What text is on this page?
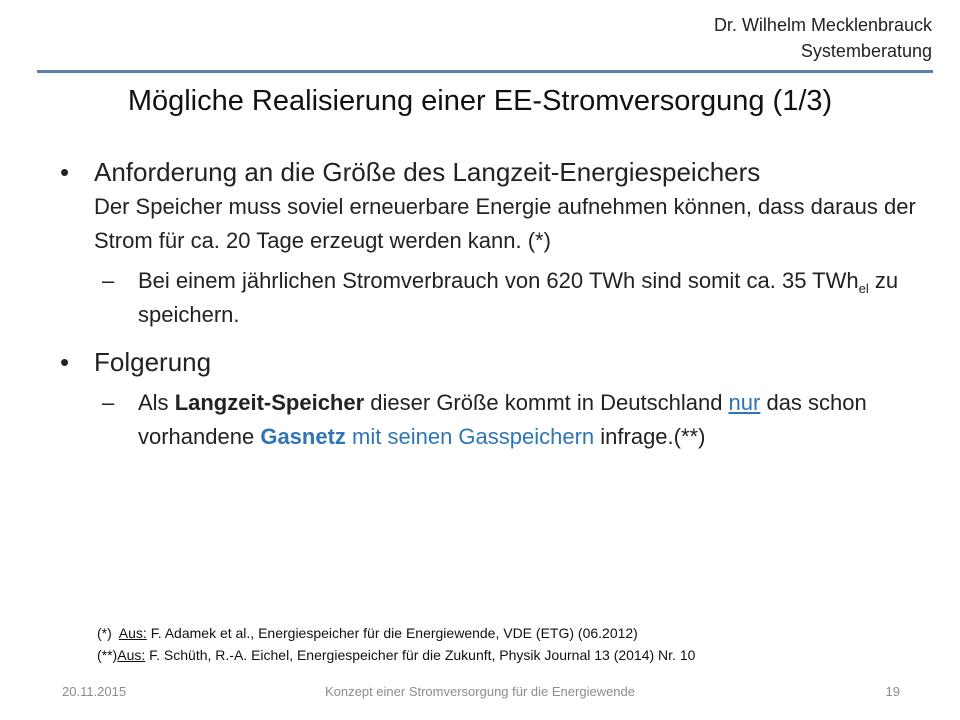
Dr. Wilhelm Mecklenbrauck
Systemberatung
Mögliche Realisierung einer EE-Stromversorgung (1/3)
• Anforderung an die Größe des Langzeit-Energiespeichers
Der Speicher muss soviel erneuerbare Energie aufnehmen können, dass daraus der Strom für ca. 20 Tage erzeugt werden kann. (*)
– Bei einem jährlichen Stromverbrauch von 620 TWh sind somit ca. 35 TWh$_{el}$ zu speichern.
• Folgerung
– Als Langzeit-Speicher dieser Größe kommt in Deutschland nur das schon vorhandene Gasnetz mit seinen Gasspeichern infrage.(**)
(*)  Aus: F. Adamek et al., Energiespeicher für die Energiewende, VDE (ETG) (06.2012)
(**)Aus: F. Schüth, R.-A. Eichel, Energiespeicher für die Zukunft, Physik Journal 13 (2014) Nr. 10
20.11.2015	Konzept einer Stromversorgung für die Energiewende	19
